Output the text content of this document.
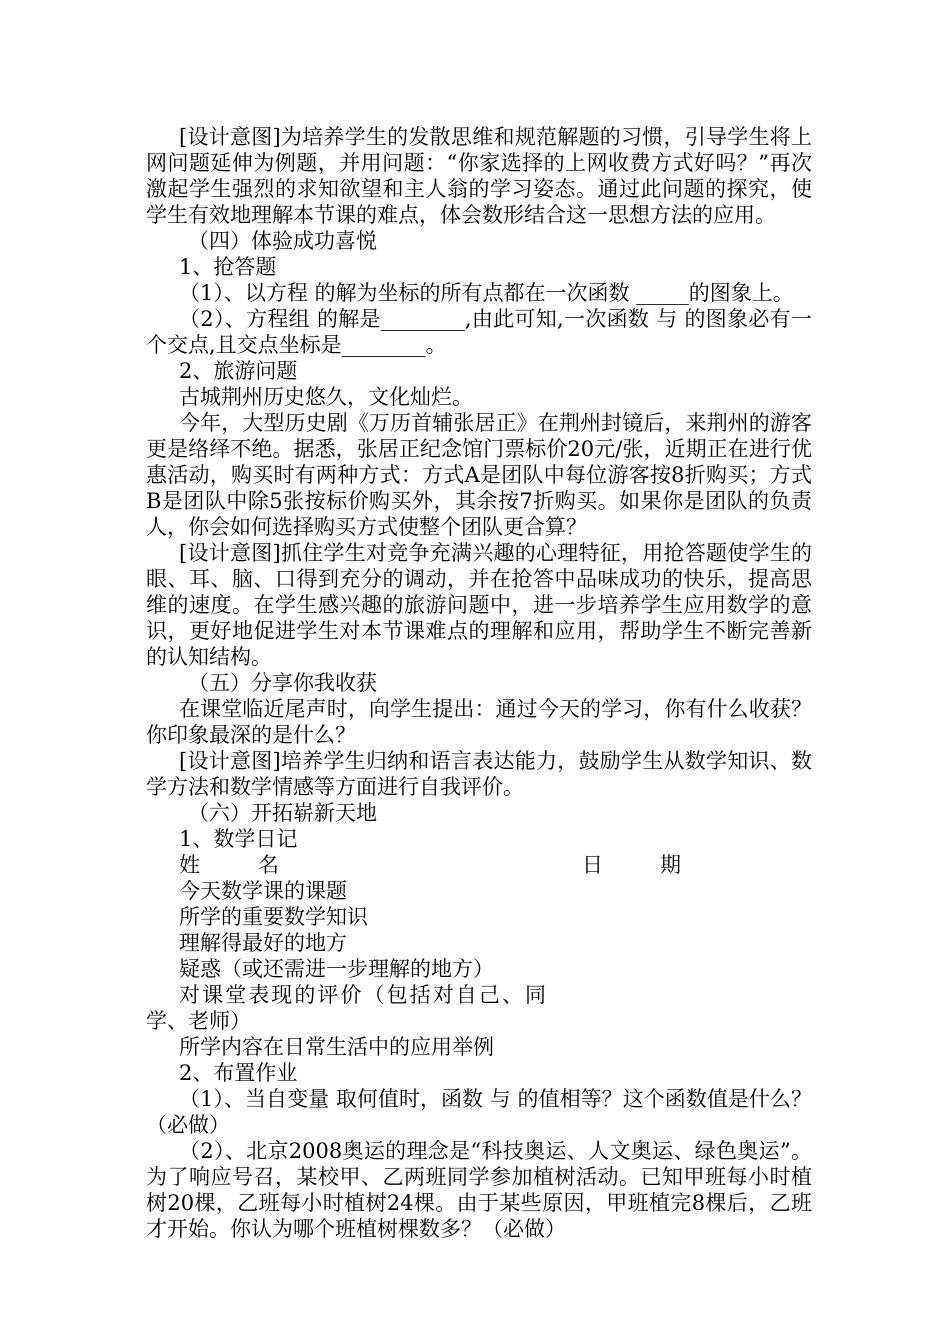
[设计意图]为培养学生的发散思维和规范解题的习惯，引导学生将上网问题延伸为例题，并用问题：“你家选择的上网收费方式好吗？”再次激起学生强烈的求知欲望和主人翁的学习姿态。通过此问题的探究，使学生有效地理解本节课的难点，体会数形结合这一思想方法的应用。

（四）体验成功喜悦

1、抢答题

（1）、以方程 的解为坐标的所有点都在一次函数 _____的图象上。

（2）、方程组 的解是________,由此可知,一次函数 与 的图象必有一个交点,且交点坐标是________。

2、旅游问题

古城荆州历史悠久，文化灿烂。

今年，大型历史剧《万历首辅张居正》在荆州封镜后，来荆州的游客更是络绎不绝。据悉，张居正纪念馆门票标价20元/张，近期正在进行优惠活动，购买时有两种方式：方式A是团队中每位游客按8折购买；方式B是团队中除5张按标价购买外，其余按7折购买。如果你是团队的负责人，你会如何选择购买方式使整个团队更合算？

[设计意图]抓住学生对竞争充满兴趣的心理特征，用抢答题使学生的眼、耳、脑、口得到充分的调动，并在抢答中品味成功的快乐，提高思维的速度。在学生感兴趣的旅游问题中，进一步培养学生应用数学的意识，更好地促进学生对本节课难点的理解和应用，帮助学生不断完善新的认知结构。

（五）分享你我收获

在课堂临近尾声时，向学生提出：通过今天的学习，你有什么收获？你印象最深的是什么？

[设计意图]培养学生归纳和语言表达能力，鼓励学生从数学知识、数学方法和数学情感等方面进行自我评价。

（六）开拓崭新天地

1、数学日记

姓	名	日	期

今天数学课的课题

所学的重要数学知识

理解得最好的地方

疑惑（或还需进一步理解的地方）

对课堂表现的评价（包括对自己、同学、老师）

所学内容在日常生活中的应用举例

2、布置作业

（1）、当自变量 取何值时，函数 与 的值相等？这个函数值是什么？ （必做）

（2）、北京2008奥运的理念是“科技奥运、人文奥运、绿色奥运”。为了响应号召，某校甲、乙两班同学参加植树活动。已知甲班每小时植树20棵，乙班每小时植树24棵。由于某些原因，甲班植完8棵后，乙班才开始。你认为哪个班植树棵数多？（必做）
